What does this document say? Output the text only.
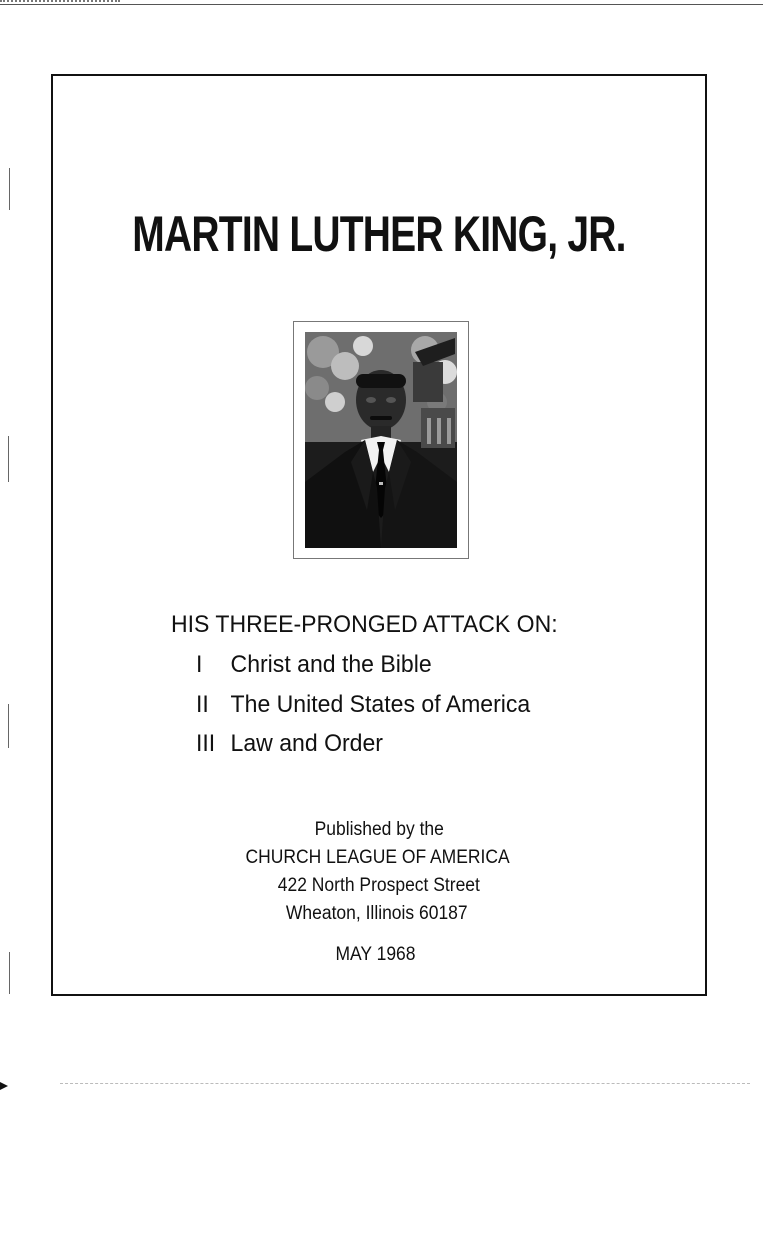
MARTIN LUTHER KING, JR.
HIS THREE-PRONGED ATTACK ON:
I Christ and the Bible
II The United States of America
III Law and Order
Published by the
CHURCH LEAGUE OF AMERICA
422 North Prospect Street
Wheaton, Illinois 60187
MAY 1968
